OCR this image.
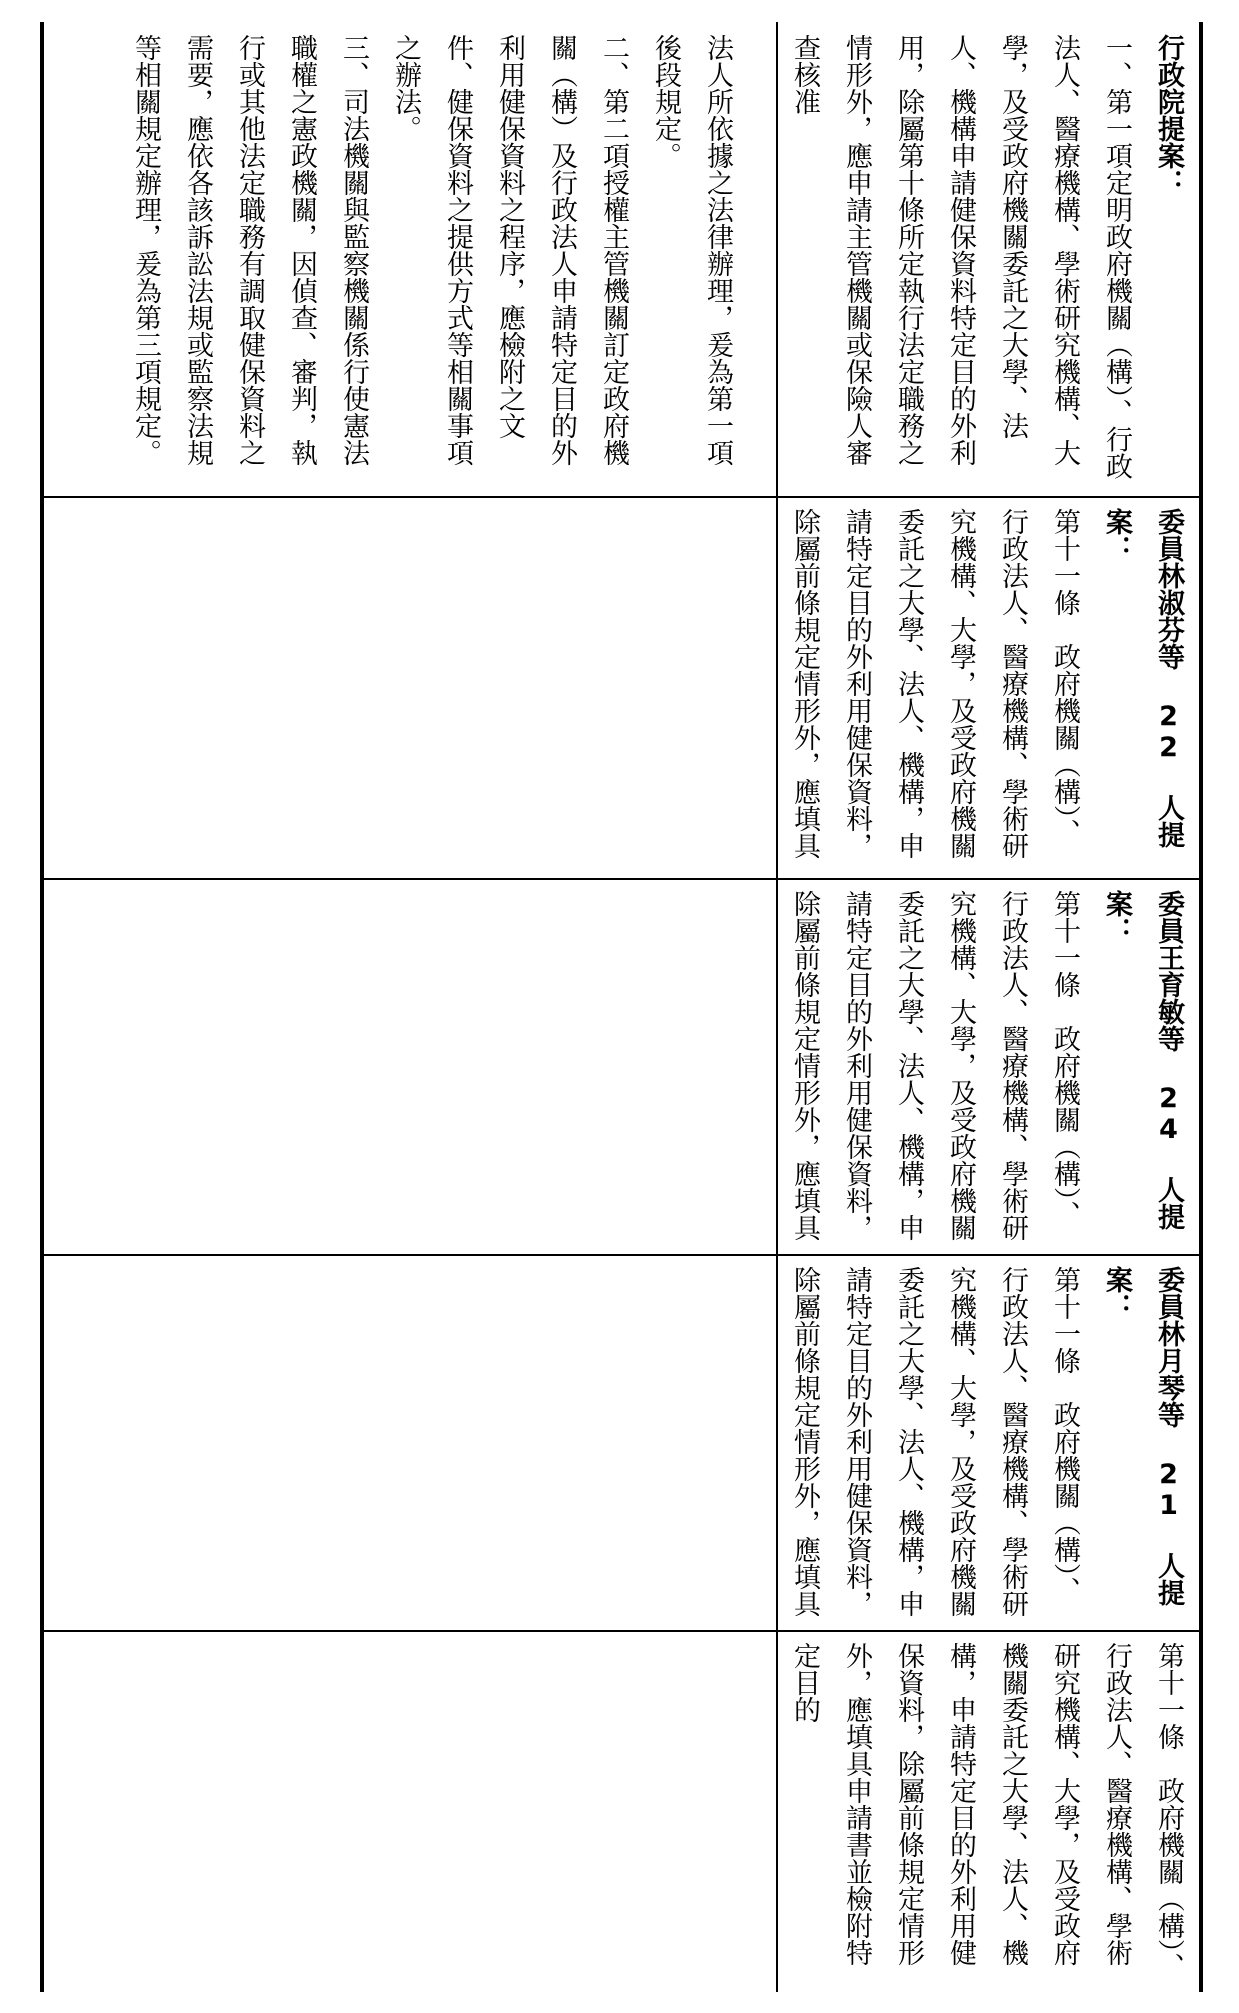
法人所依據之法律辦理，爰為第一項後段規定。
二、第二項授權主管機關訂定政府機關（構）及行政法人申請特定目的外利用健保資料之程序，應檢附之文件、健保資料之提供方式等相關事項之辦法。
三、司法機關與監察機關係行使憲法職權之憲政機關，因偵查、審判，執行或其他法定職務有調取健保資料之需要，應依各該訴訟法規或監察法規等相關規定辦理，爰為第三項規定。	行政院提案：
一、第一項定明政府機關（構）、行政法人、醫療機構、學術研究機構、大學，及受政府機關委託之大學、法人、機構申請健保資料特定目的外利用，除屬第十條所定執行法定職務之情形外，應申請主管機關或保險人審查核准
委員林淑芬等 22 人提案：
第十一條　政府機關（構）、行政法人、醫療機構、學術研究機構、大學，及受政府機關委託之大學、法人、機構，申請特定目的外利用健保資料，除屬前條規定情形外，應填具
委員王育敏等 24 人提案：
第十一條　政府機關（構）、行政法人、醫療機構、學術研究機構、大學，及受政府機關委託之大學、法人、機構，申請特定目的外利用健保資料，除屬前條規定情形外，應填具
委員林月琴等 21 人提案：
第十一條　政府機關（構）、行政法人、醫療機構、學術研究機構、大學，及受政府機關委託之大學、法人、機構，申請特定目的外利用健保資料，除屬前條規定情形外，應填具
第十一條　政府機關（構）、行政法人、醫療機構、學術研究機構、大學，及受政府機關委託之大學、法人、機構，申請特定目的外利用健保資料，除屬前條規定情形外，應填具申請書並檢附特定目的
